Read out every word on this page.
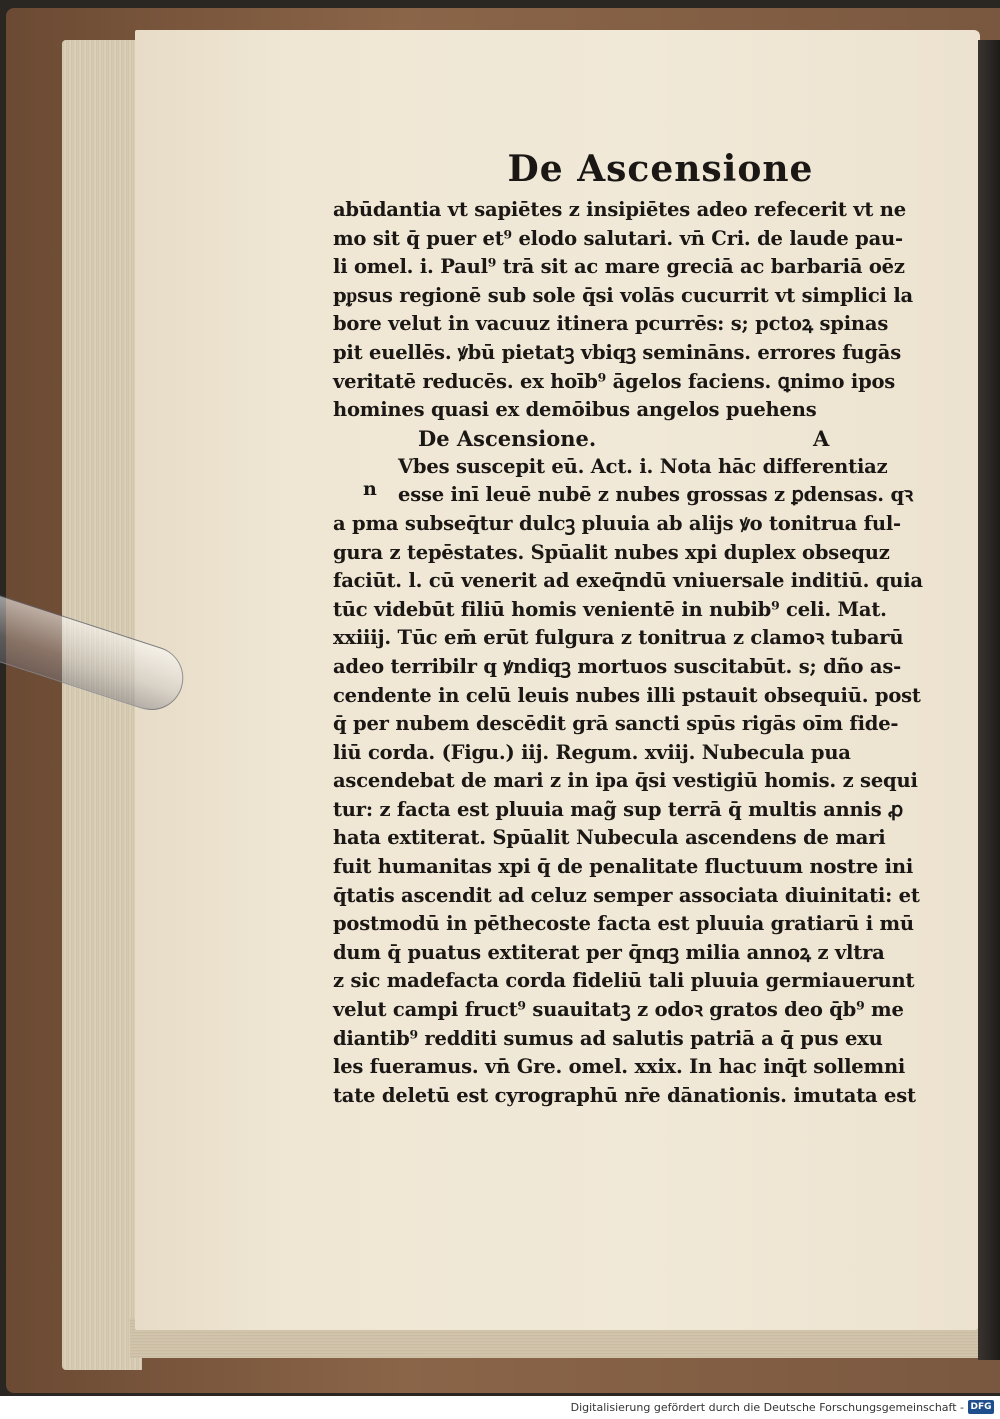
De Ascensione
abūdantia vt sapiētes z insipiētes adeo refecerit vt ne
mo sit q̄ puer et⁹ elodo salutari. vn̄ Cri. de laude pau-
li omel. i. Paul⁹ trā sit ac mare greciā ac barbariā oēz
pᵱsus regionē sub sole q̄si volās cucurrit vt simplici la
bore velut in vacuuz itinera pcurrēs: s; pctoꝝ spinas
pit euellēs. ꝟbū pietatꝫ vbiqꝫ semināns. errores fugās
veritatē reducēs. ex hoīb⁹ āgelos faciens. ꝗnimo ipos
homines quasi ex demōibus angelos puehens
De Ascensione.	A
n
Vbes suscepit eū. Act. i. Nota hāc differentiaz
esse inī leuē nubē z nubes grossas z ꝑdensas. qꝛ
a pma subseq̄tur dulcꝫ pluuia ab alijs ꝟo tonitrua ful-
gura z tepēstates. Spūalit nubes xpi duplex obsequz
faciūt. l. cū venerit ad exeq̄ndū vniuersale inditiū. quia
tūc videbūt filiū homis venientē in nubib⁹ celi. Mat.
xxiiij. Tūc em̄ erūt fulgura z tonitrua z clamoꝛ tubarū
adeo terribilr q ꝟndiqꝫ mortuos suscitabūt. s; dño as-
cendente in celū leuis nubes illi pstauit obsequiū. post
q̄ per nubem descēdit grā sancti spūs rigās oīm fide-
liū corda. (Figu.) iij. Regum. xviij. Nubecula pua
ascendebat de mari z in ipa q̄si vestigiū homis. z sequi
tur: z facta est pluuia mag̃ sup terrā q̄ multis annis ꝓ
hata extiterat. Spūalit Nubecula ascendens de mari
fuit humanitas xpi q̄ de penalitate fluctuum nostre ini
q̄tatis ascendit ad celuz semper associata diuinitati: et
postmodū in pēthecoste facta est pluuia gratiarū i mū
dum q̄ puatus extiterat per q̄nqꝫ milia annoꝝ z vltra
z sic madefacta corda fideliū tali pluuia germiauerunt
velut campi fruct⁹ suauitatꝫ z odoꝛ gratos deo q̄b⁹ me
diantib⁹ redditi sumus ad salutis patriā a q̄ pus exu
les fueramus. vn̄ Gre. omel. xxix. In hac inq̄t sollemni
tate deletū est cyrographū nr̄e dānationis. imutata est
Digitalisierung gefördert durch die Deutsche Forschungsgemeinschaft - DFG
